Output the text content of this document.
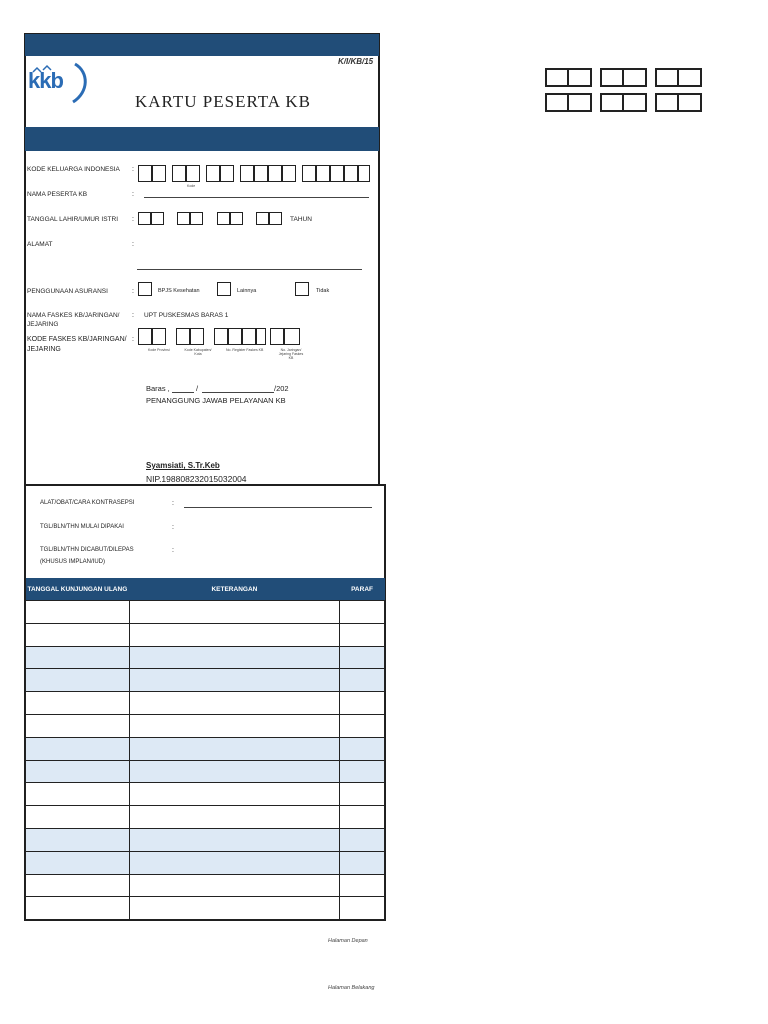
kkb
K/I/KB/15
KARTU PESERTA KB
KODE KELUARGA INDONESIA :
Kode
NAMA PESERTA KB	:
TANGGAL LAHIR/UMUR ISTRI :	TAHUN
ALAMAT	:
PENGGUNAAN ASURANSI	:	BPJS Kesehatan	Lainnya	Tidak
NAMA FASKES KB/JARINGAN/
JEJARING
: UPT PUSKESMAS BARAS 1
KODE FASKES KB/JARINGAN/
JEJARING
:
Kode Provinsi	Kode Kabupaten/ Kota
No. Register Faskes KB	No. Jaringan/ Jejaring Faskes KB
Baras ,	/	/202
PENANGGUNG JAWAB PELAYANAN KB
Syamsiati, S.Tr.Keb
NIP.198808232015032004
ALAT/OBAT/CARA KONTRASEPSI	:
TGL/BLN/THN MULAI DIPAKAI	:
TGL/BLN/THN DICABUT/DILEPAS
(KHUSUS IMPLAN/IUD)
:
TANGGAL KUNJUNGAN ULANG	KETERANGAN	PARAF

Halaman Depan
Halaman Belakang
